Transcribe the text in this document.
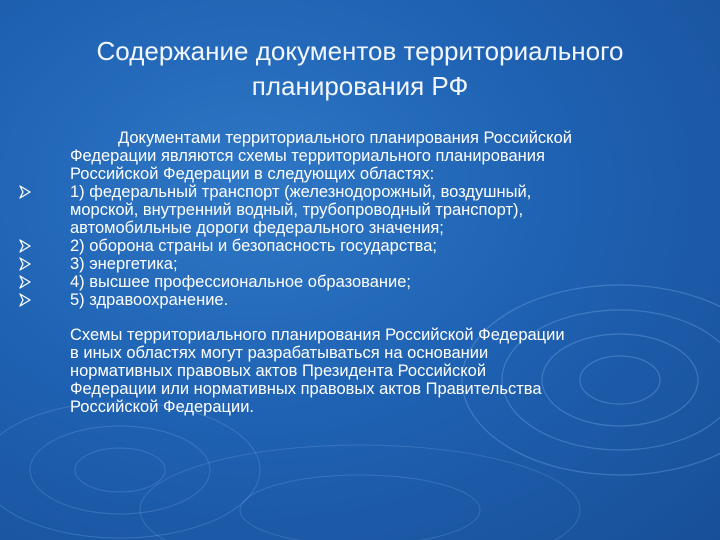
Содержание документов территориального
планирования РФ

Документами территориального планирования Российской
Федерации являются схемы территориального планирования
Российской Федерации в следующих областях:

1) федеральный транспорт (железнодорожный, воздушный,
морской, внутренний водный, трубопроводный транспорт),
автомобильные дороги федерального значения;
2) оборона страны и безопасность государства;
3) энергетика;
4) высшее профессиональное образование;
5) здравоохранение.

Схемы территориального планирования Российской Федерации
в иных областях могут разрабатываться на основании
нормативных правовых актов Президента Российской
Федерации или нормативных правовых актов Правительства
Российской Федерации.
